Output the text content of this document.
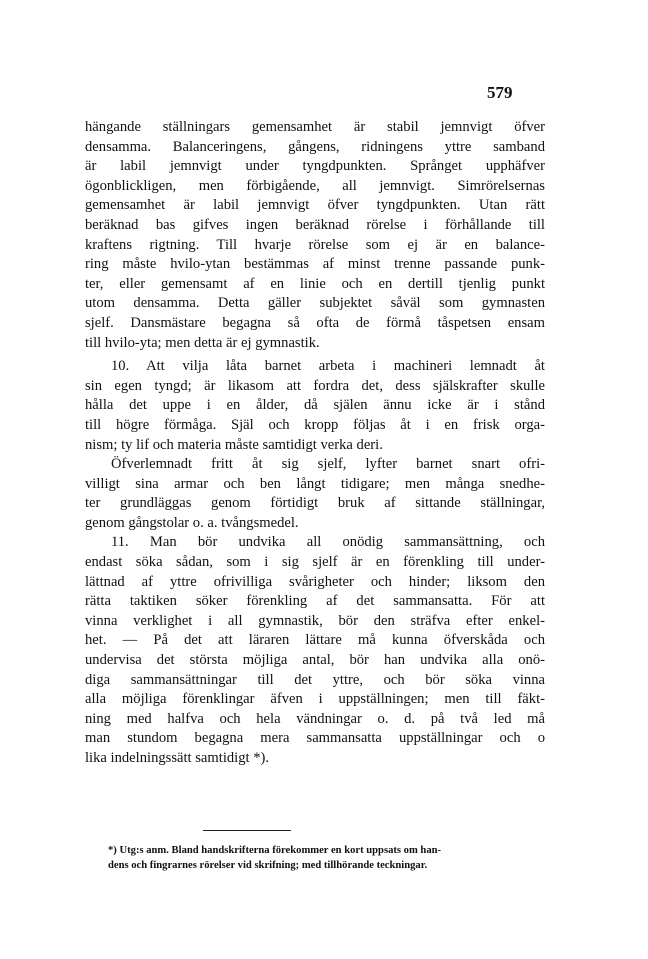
579

hängande ställningars gemensamhet är stabil jemnvigt öfver
densamma. Balanceringens, gångens, ridningens yttre samband
är labil jemnvigt under tyngdpunkten. Språnget upphäfver
ögonblickligen, men förbigående, all jemnvigt. Simrörelsernas
gemensamhet är labil jemnvigt öfver tyngdpunkten. Utan rätt
beräknad bas gifves ingen beräknad rörelse i förhållande till
kraftens rigtning. Till hvarje rörelse som ej är en balance-
ring måste hvilo-ytan bestämmas af minst trenne passande punk-
ter, eller gemensamt af en linie och en dertill tjenlig punkt
utom densamma. Detta gäller subjektet såväl som gymnasten
sjelf. Dansmästare begagna så ofta de förmå tåspetsen ensam
till hvilo-yta; men detta är ej gymnastik.

10. Att vilja låta barnet arbeta i machineri lemnadt åt
sin egen tyngd; är likasom att fordra det, dess själskrafter skulle
hålla det uppe i en ålder, då själen ännu icke är i stånd
till högre förmåga. Själ och kropp följas åt i en frisk orga-
nism; ty lif och materia måste samtidigt verka deri.
Öfverlemnadt fritt åt sig sjelf, lyfter barnet snart ofri-
villigt sina armar och ben långt tidigare; men många snedhe-
ter grundläggas genom förtidigt bruk af sittande ställningar,
genom gångstolar o. a. tvångsmedel.

11. Man bör undvika all onödig sammansättning, och
endast söka sådan, som i sig sjelf är en förenkling till under-
lättnad af yttre ofrivilliga svårigheter och hinder; liksom den
rätta taktiken söker förenkling af det sammansatta. För att
vinna verklighet i all gymnastik, bör den sträfva efter enkel-
het. — På det att läraren lättare må kunna öfverskåda och
undervisa det största möjliga antal, bör han undvika alla onö-
diga sammansättningar till det yttre, och bör söka vinna
alla möjliga förenklingar äfven i uppställningen; men till fäkt-
ning med halfva och hela vändningar o. d. på två led må
man stundom begagna mera sammansatta uppställningar och o
lika indelningssätt samtidigt *).

*) Utg:s anm. Bland handskrifterna förekommer en kort uppsats om han-
dens och fingrarnes rörelser vid skrifning; med tillhörande teckningar.
